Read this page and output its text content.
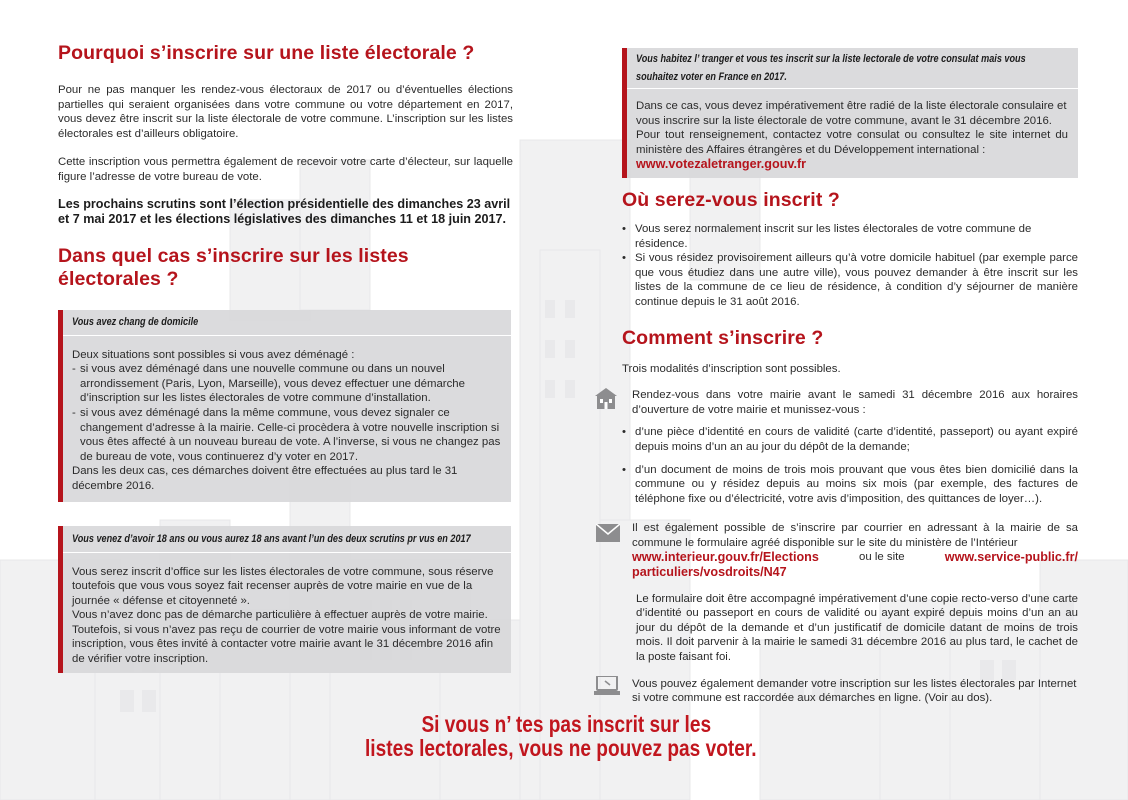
Pourquoi s’inscrire sur une liste électorale ?
Pour ne pas manquer les rendez-vous électoraux de 2017 ou d’éventuelles élections partielles qui seraient organisées dans votre commune ou votre département en 2017, vous devez être inscrit sur la liste électorale de votre commune. L’inscription sur les listes électorales est d’ailleurs obligatoire.
Cette inscription vous permettra également de recevoir votre carte d’électeur, sur laquelle figure l’adresse de votre bureau de vote.
Les prochains scrutins sont l’élection présidentielle des dimanches 23 avril et 7 mai 2017 et les élections législatives des dimanches 11 et 18 juin 2017.
Dans quel cas s’inscrire sur les listes électorales ?
Vous avez chang de domicile
Deux situations sont possibles si vous avez déménagé :
- si vous avez déménagé dans une nouvelle commune ou dans un nouvel arrondissement (Paris, Lyon, Marseille), vous devez effectuer une démarche d’inscription sur les listes électorales de votre commune d’installation.
- si vous avez déménagé dans la même commune, vous devez signaler ce changement d’adresse à la mairie. Celle-ci procèdera à votre nouvelle inscription si vous êtes affecté à un nouveau bureau de vote. A l’inverse, si vous ne changez pas de bureau de vote, vous continuerez d’y voter en 2017.
Dans les deux cas, ces démarches doivent être effectuées au plus tard le 31 décembre 2016.
Vous venez d’avoir 18 ans ou vous aurez 18 ans avant l’un des deux scrutins pr vus en 2017
Vous serez inscrit d’office sur les listes électorales de votre commune, sous réserve toutefois que vous vous soyez fait recenser auprès de votre mairie en vue de la journée « défense et citoyenneté ».
Vous n’avez donc pas de démarche particulière à effectuer auprès de votre mairie.
Toutefois, si vous n’avez pas reçu de courrier de votre mairie vous informant de votre inscription, vous êtes invité à contacter votre mairie avant le 31 décembre 2016 afin de vérifier votre inscription.
Vous habitez l’ tranger et vous tes inscrit sur la liste lectorale de votre consulat mais vous
souhaitez voter en France en 2017.
Dans ce cas, vous devez impérativement être radié de la liste électorale consulaire et vous inscrire sur la liste électorale de votre commune, avant le 31 décembre 2016.
Pour tout renseignement, contactez votre consulat ou consultez le site internet du ministère des Affaires étrangères et du Développement international :
www.votezaletranger.gouv.fr
Où serez-vous inscrit ?
• Vous serez normalement inscrit sur les listes électorales de votre commune de résidence.
• Si vous résidez provisoirement ailleurs qu’à votre domicile habituel (par exemple parce que vous étudiez dans une autre ville), vous pouvez demander à être inscrit sur les listes de la commune de ce lieu de résidence, à condition d’y séjourner de manière continue depuis le 31 août 2016.
Comment s’inscrire ?
Trois modalités d’inscription sont possibles.
Rendez-vous dans votre mairie avant le samedi 31 décembre 2016 aux horaires d’ouverture de votre mairie et munissez-vous :
• d’une pièce d’identité en cours de validité (carte d’identité, passeport) ou ayant expiré depuis moins d’un an au jour du dépôt de la demande;
• d’un document de moins de trois mois prouvant que vous êtes bien domicilié dans la commune ou y résidez depuis au moins six mois (par exemple, des factures de téléphone fixe ou d’électricité, votre avis d’imposition, des quittances de loyer…).
Il est également possible de s’inscrire par courrier en adressant à la mairie de sa commune le formulaire agréé disponible sur le site du ministère de l’Intérieur
www.interieur.gouv.fr/Elections	ou le site	www.service-public.fr/
particuliers/vosdroits/N47
Le formulaire doit être accompagné impérativement d’une copie recto-verso d’une carte d’identité ou passeport en cours de validité ou ayant expiré depuis moins d’un an au jour du dépôt de la demande et d’un justificatif de domicile datant de moins de trois mois. Il doit parvenir à la mairie le samedi 31 décembre 2016 au plus tard, le cachet de la poste faisant foi.
Vous pouvez également demander votre inscription sur les listes électorales par Internet si votre commune est raccordée aux démarches en ligne. (Voir au dos).
Si vous n’ tes pas inscrit sur les
listes lectorales, vous ne pouvez pas voter.
